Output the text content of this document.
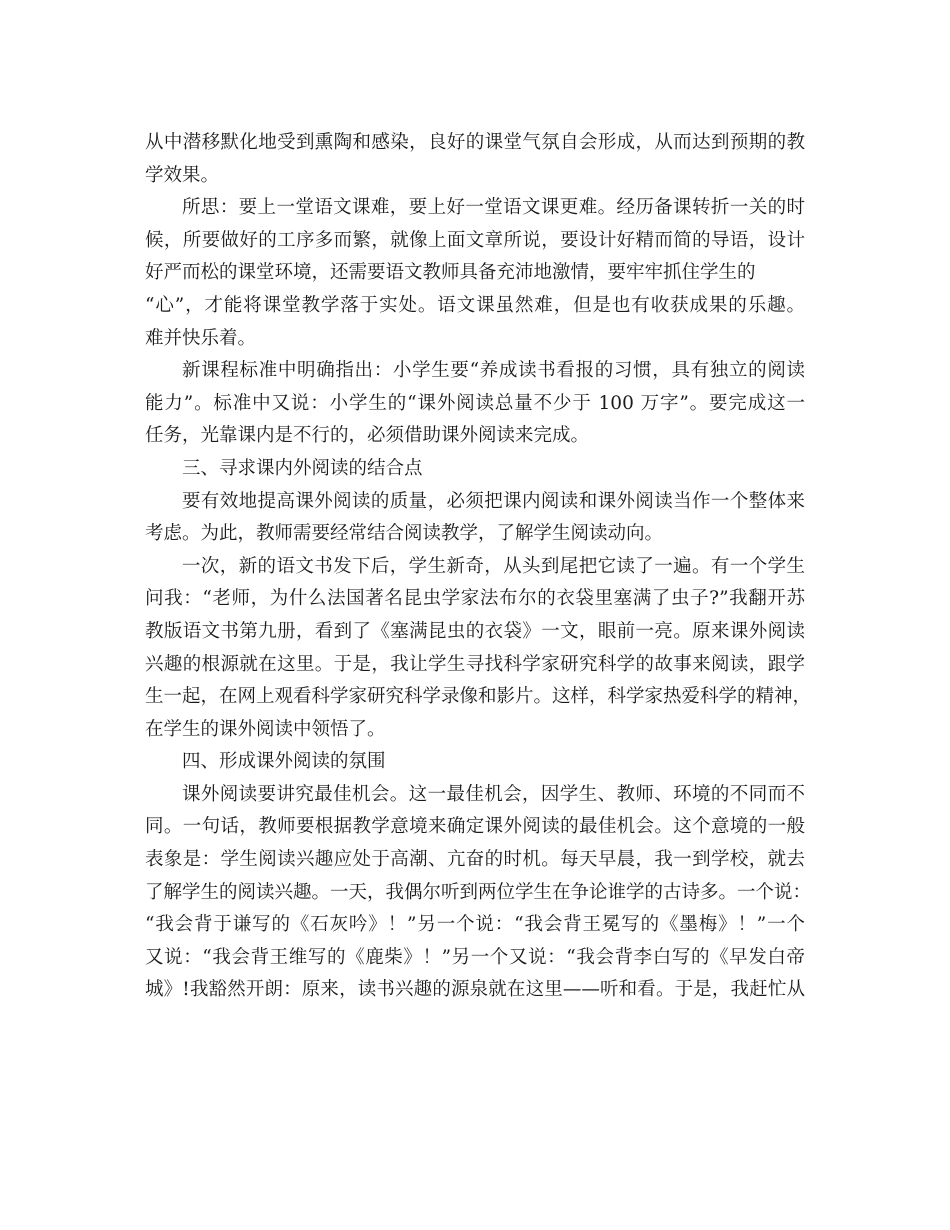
从中潜移默化地受到熏陶和感染，良好的课堂气氛自会形成，从而达到预期的教
学效果。
所思：要上一堂语文课难，要上好一堂语文课更难。经历备课转折一关的时
候，所要做好的工序多而繁，就像上面文章所说，要设计好精而简的导语，设计
好严而松的课堂环境，还需要语文教师具备充沛地激情，要牢牢抓住学生的
“心”，才能将课堂教学落于实处。语文课虽然难，但是也有收获成果的乐趣。
难并快乐着。
新课程标准中明确指出：小学生要“养成读书看报的习惯，具有独立的阅读
能力”。标准中又说：小学生的“课外阅读总量不少于 100 万字”。要完成这一
任务，光靠课内是不行的，必须借助课外阅读来完成。
三、寻求课内外阅读的结合点
要有效地提高课外阅读的质量，必须把课内阅读和课外阅读当作一个整体来
考虑。为此，教师需要经常结合阅读教学，了解学生阅读动向。
一次，新的语文书发下后，学生新奇，从头到尾把它读了一遍。有一个学生
问我：“老师，为什么法国著名昆虫学家法布尔的衣袋里塞满了虫子?”我翻开苏
教版语文书第九册，看到了《塞满昆虫的衣袋》一文，眼前一亮。原来课外阅读
兴趣的根源就在这里。于是，我让学生寻找科学家研究科学的故事来阅读，跟学
生一起，在网上观看科学家研究科学录像和影片。这样，科学家热爱科学的精神，
在学生的课外阅读中领悟了。
四、形成课外阅读的氛围
课外阅读要讲究最佳机会。这一最佳机会，因学生、教师、环境的不同而不
同。一句话，教师要根据教学意境来确定课外阅读的最佳机会。这个意境的一般
表象是：学生阅读兴趣应处于高潮、亢奋的时机。每天早晨，我一到学校，就去
了解学生的阅读兴趣。一天，我偶尔听到两位学生在争论谁学的古诗多。一个说：
“我会背于谦写的《石灰吟》！”另一个说：“我会背王冕写的《墨梅》！”一个
又说：“我会背王维写的《鹿柴》！”另一个又说：“我会背李白写的《早发白帝
城》!我豁然开朗：原来，读书兴趣的源泉就在这里——听和看。于是，我赶忙从
